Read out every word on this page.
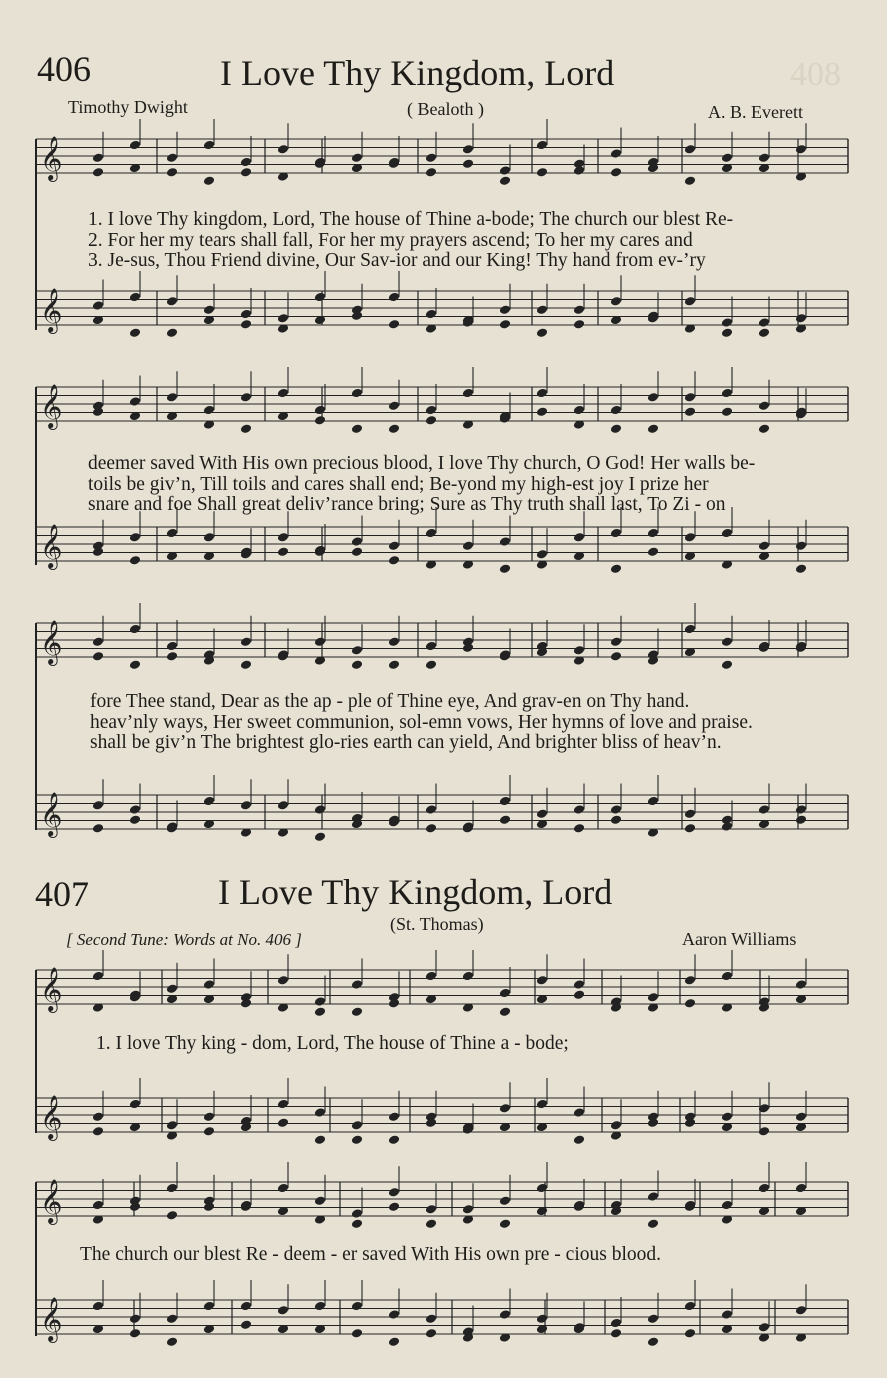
406	408
I Love Thy Kingdom, Lord
Timothy Dwight	( Bealoth )	A. B. Everett
𝄞
𝄞
𝄞
𝄞
𝄞
𝄞
𝄞
𝄞
𝄞
𝄞
1. I love Thy kingdom, Lord, The house of Thine a-bode; The church our blest Re-
2. For her my tears shall fall, For her my prayers ascend; To her my cares and
3. Je-sus, Thou Friend divine, Our Sav-ior and our King! Thy hand from ev-’ry
deemer saved With His own precious blood, I love Thy church, O God! Her walls be-
toils be giv’n, Till toils and cares shall end; Be-yond my high-est joy I prize her
snare and foe Shall great deliv’rance bring; Sure as Thy truth shall last, To Zi - on
fore Thee stand, Dear as the ap - ple of Thine eye, And grav-en on Thy hand.
heav’nly ways, Her sweet communion, sol-emn vows, Her hymns of love and praise.
shall be giv’n The brightest glo-ries earth can yield, And brighter bliss of heav’n.
407	I Love Thy Kingdom, Lord
(St. Thomas)
[ Second Tune: Words at No. 406 ]	Aaron Williams
1. I love Thy king - dom, Lord, The house of Thine a - bode;
The church our blest Re - deem - er saved With His own pre - cious blood.
